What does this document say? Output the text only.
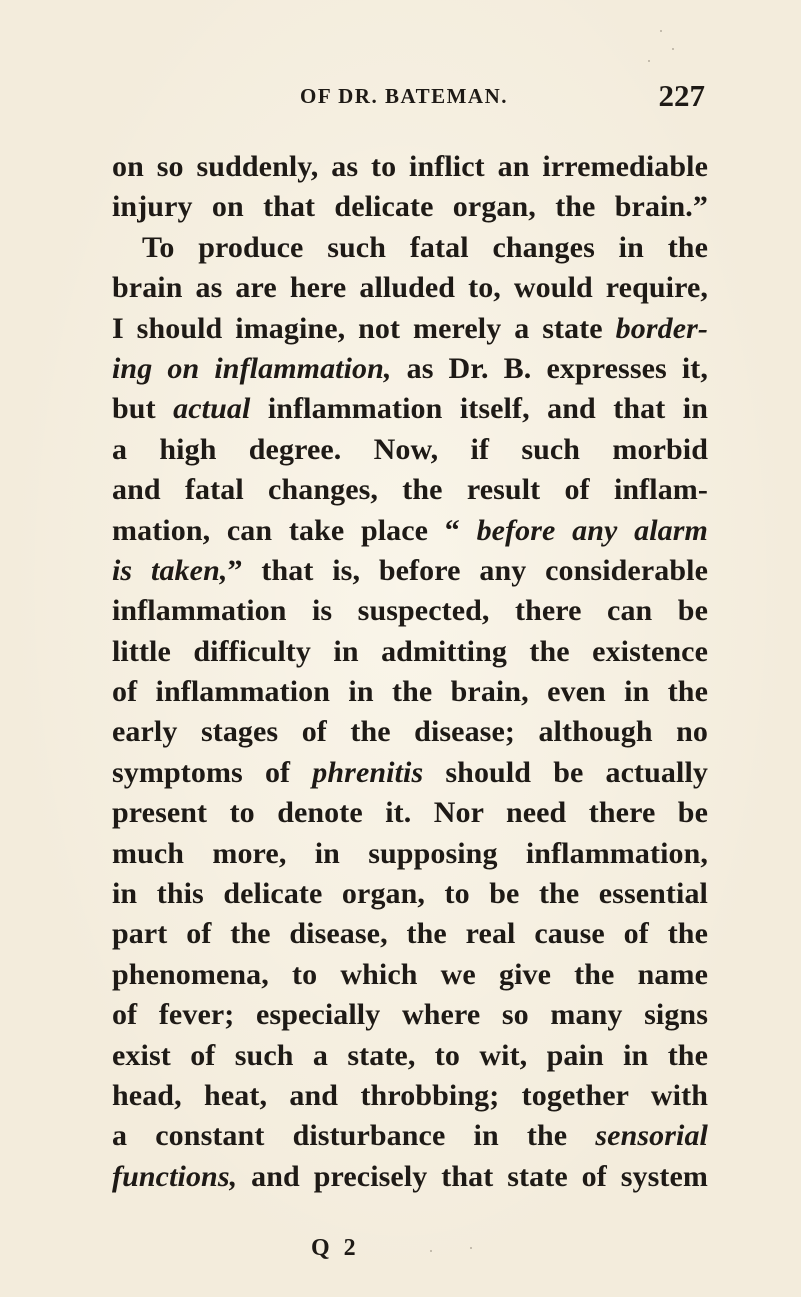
OF DR. BATEMAN.	227
on so suddenly, as to inflict an irremediable
injury on that delicate organ, the brain.”
To produce such fatal changes in the
brain as are here alluded to, would require,
I should imagine, not merely a state border-
ing on inflammation, as Dr. B. expresses it,
but actual inflammation itself, and that in
a high degree. Now, if such morbid
and fatal changes, the result of inflam-
mation, can take place “ before any alarm
is taken,” that is, before any considerable
inflammation is suspected, there can be
little difficulty in admitting the existence
of inflammation in the brain, even in the
early stages of the disease; although no
symptoms of phrenitis should be actually
present to denote it. Nor need there be
much more, in supposing inflammation,
in this delicate organ, to be the essential
part of the disease, the real cause of the
phenomena, to which we give the name
of fever; especially where so many signs
exist of such a state, to wit, pain in the
head, heat, and throbbing; together with
a constant disturbance in the sensorial
functions, and precisely that state of system
Q 2
